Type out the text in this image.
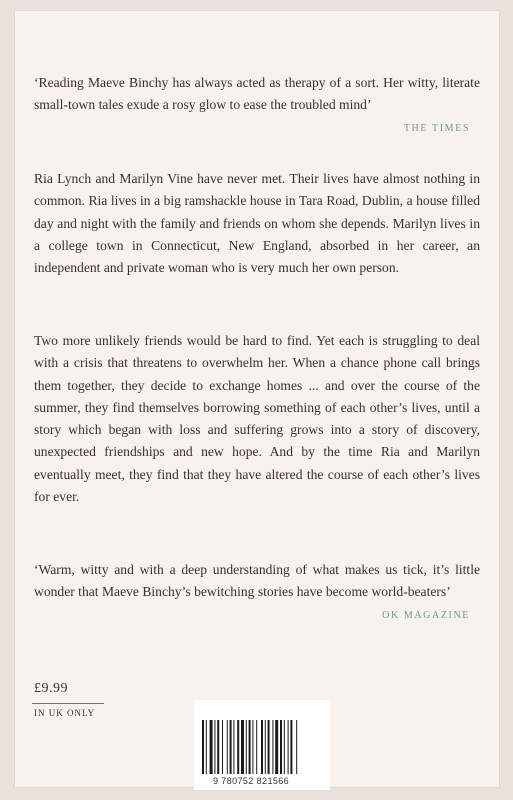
‘Reading Maeve Binchy has always acted as therapy of a sort. Her witty, literate small-town tales exude a rosy glow to ease the troubled mind’

THE TIMES

Ria Lynch and Marilyn Vine have never met. Their lives have almost nothing in common. Ria lives in a big ramshackle house in Tara Road, Dublin, a house filled day and night with the family and friends on whom she depends. Marilyn lives in a college town in Connecticut, New England, absorbed in her career, an independent and private woman who is very much her own person.

Two more unlikely friends would be hard to find. Yet each is struggling to deal with a crisis that threatens to overwhelm her. When a chance phone call brings them together, they decide to exchange homes ... and over the course of the summer, they find themselves borrowing something of each other’s lives, until a story which began with loss and suffering grows into a story of discovery, unexpected friendships and new hope. And by the time Ria and Marilyn eventually meet, they find that they have altered the course of each other’s lives for ever.

‘Warm, witty and with a deep understanding of what makes us tick, it’s little wonder that Maeve Binchy’s bewitching stories have become world-beaters’

OK MAGAZINE
£9.99
IN UK ONLY
9 780752 821566
